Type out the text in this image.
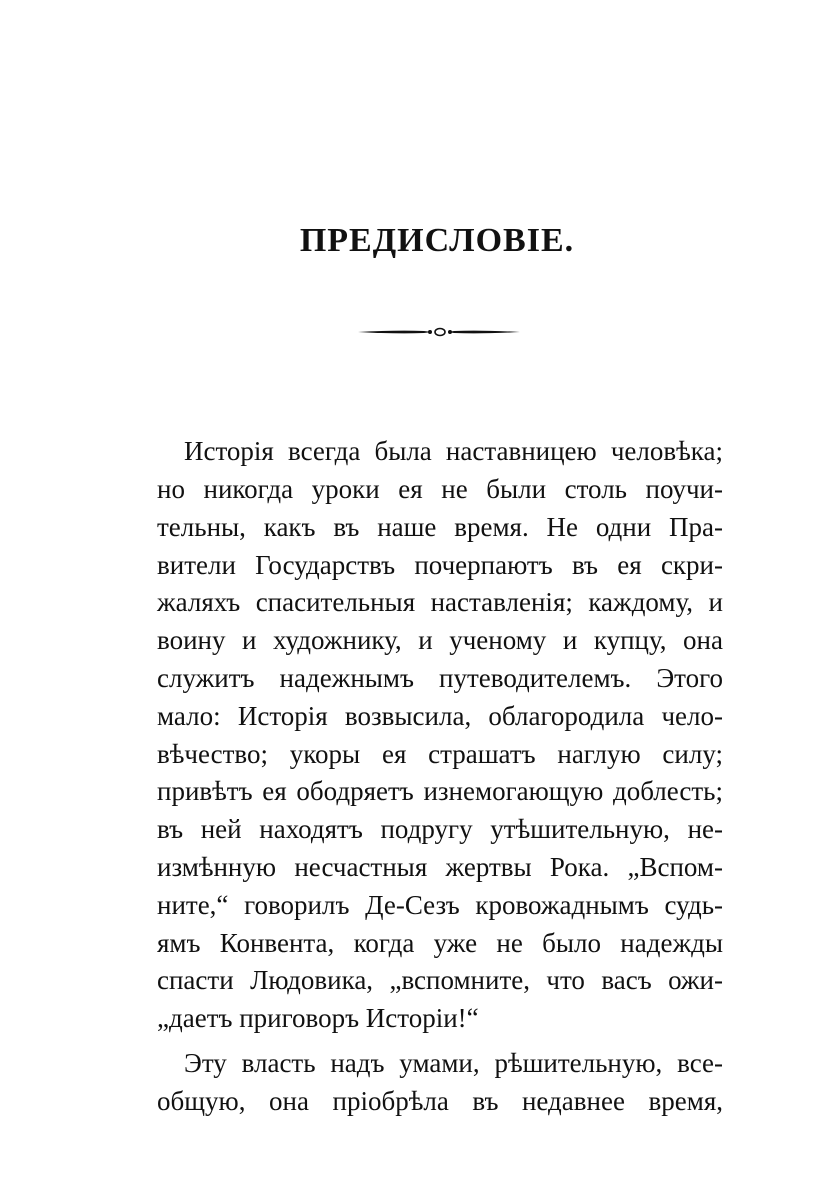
ПРЕДИСЛОВІЕ.

Исторія всегда была наставницею человѣка;

но никогда уроки ея не были столь поучи-

тельны, какъ въ наше время. Не одни Пра-

вители Государствъ почерпаютъ въ ея скри-

жаляхъ спасительныя наставленія; каждому, и

воину и художнику, и ученому и купцу, она

служитъ надежнымъ путеводителемъ. Этого

мало: Исторія возвысила, облагородила чело-

вѣчество; укоры ея страшатъ наглую силу;

привѣтъ ея ободряетъ изнемогающую доблесть;

въ ней находятъ подругу утѣшительную, не-

измѣнную несчастныя жертвы Рока. „Вспом-

ните,“ говорилъ Де-Сезъ кровожаднымъ судь-

ямъ Конвента, когда уже не было надежды

спасти Людовика, „вспомните, что васъ ожи-

„даетъ приговоръ Исторіи!“

Эту власть надъ умами, рѣшительную, все-

общую, она пріобрѣла въ недавнее время,
